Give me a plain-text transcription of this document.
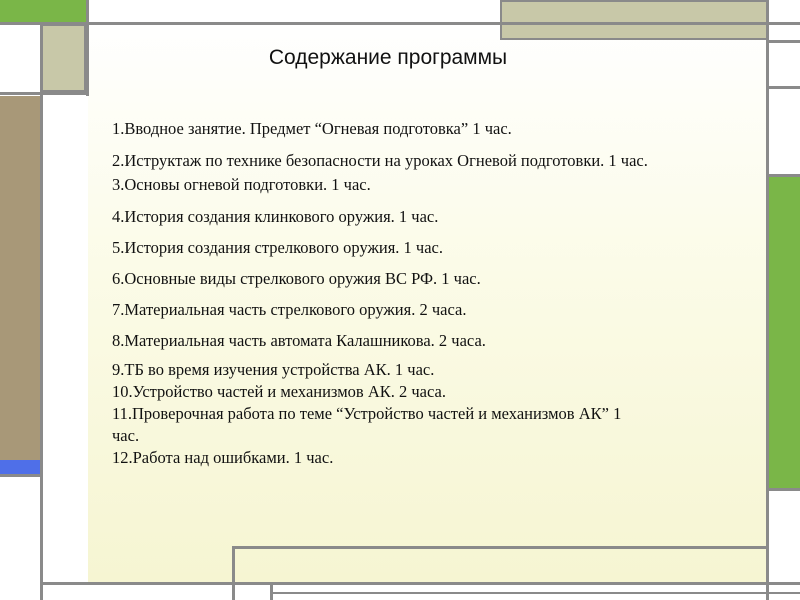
Содержание программы
1.Вводное занятие. Предмет “Огневая подготовка” 1 час.
2.Иструктаж по технике безопасности на уроках Огневой подготовки. 1 час.
3.Основы огневой подготовки. 1 час.
4.История создания клинкового оружия. 1 час.
5.История создания стрелкового оружия. 1 час.
6.Основные виды стрелкового оружия ВС РФ. 1 час.
7.Материальная часть стрелкового оружия. 2 часа.
8.Материальная часть автомата Калашникова. 2 часа.
9.ТБ во время изучения устройства АК. 1 час.
10.Устройство частей и механизмов АК. 2 часа.
11.Проверочная работа по теме “Устройство частей и механизмов АК” 1 час.
12.Работа над ошибками. 1 час.
